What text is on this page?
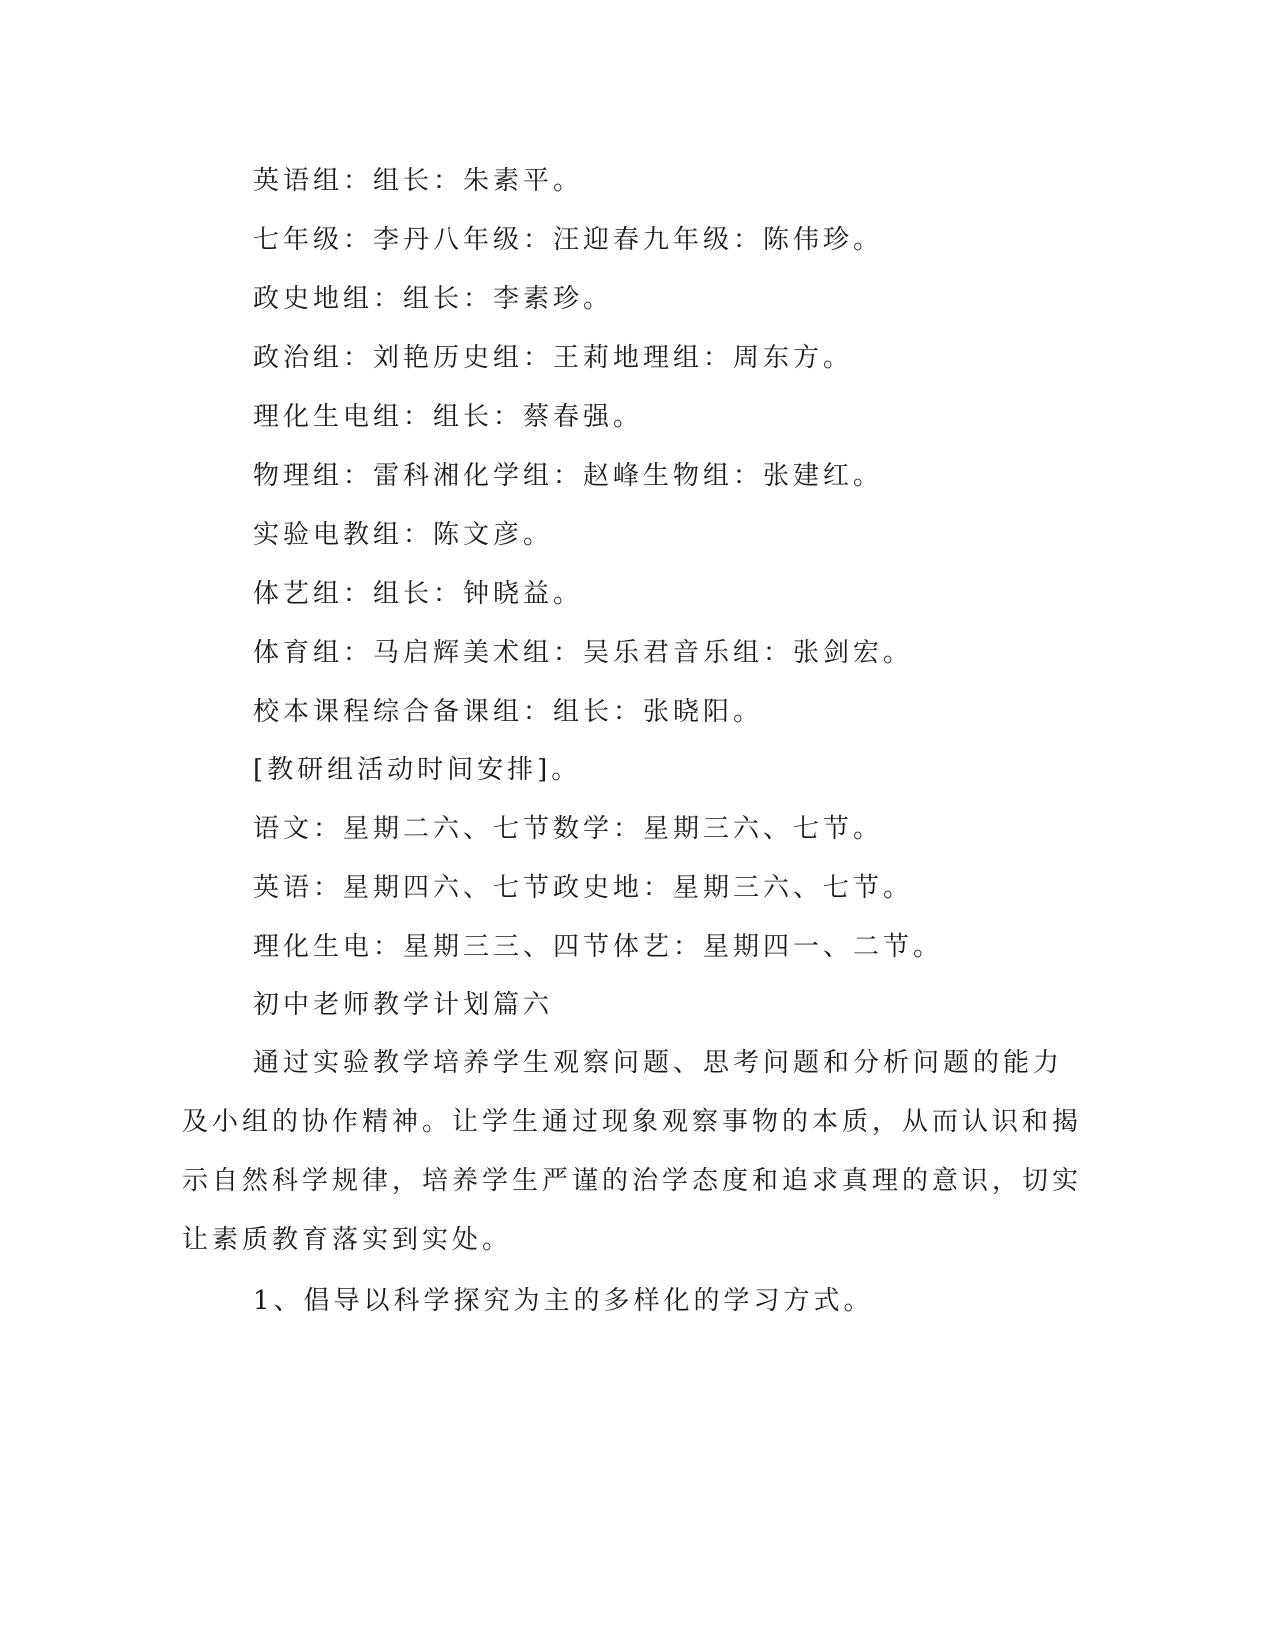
英语组：组长：朱素平。
七年级：李丹八年级：汪迎春九年级：陈伟珍。
政史地组：组长：李素珍。
政治组：刘艳历史组：王莉地理组：周东方。
理化生电组：组长：蔡春强。
物理组：雷科湘化学组：赵峰生物组：张建红。
实验电教组：陈文彦。
体艺组：组长：钟晓益。
体育组：马启辉美术组：吴乐君音乐组：张剑宏。
校本课程综合备课组：组长：张晓阳。
[教研组活动时间安排]。
语文：星期二六、七节数学：星期三六、七节。
英语：星期四六、七节政史地：星期三六、七节。
理化生电：星期三三、四节体艺：星期四一、二节。
初中老师教学计划篇六

通过实验教学培养学生观察问题、思考问题和分析问题的能力及小组的协作精神。让学生通过现象观察事物的本质，从而认识和揭示自然科学规律，培养学生严谨的治学态度和追求真理的意识，切实让素质教育落实到实处。

1、倡导以科学探究为主的多样化的学习方式。
